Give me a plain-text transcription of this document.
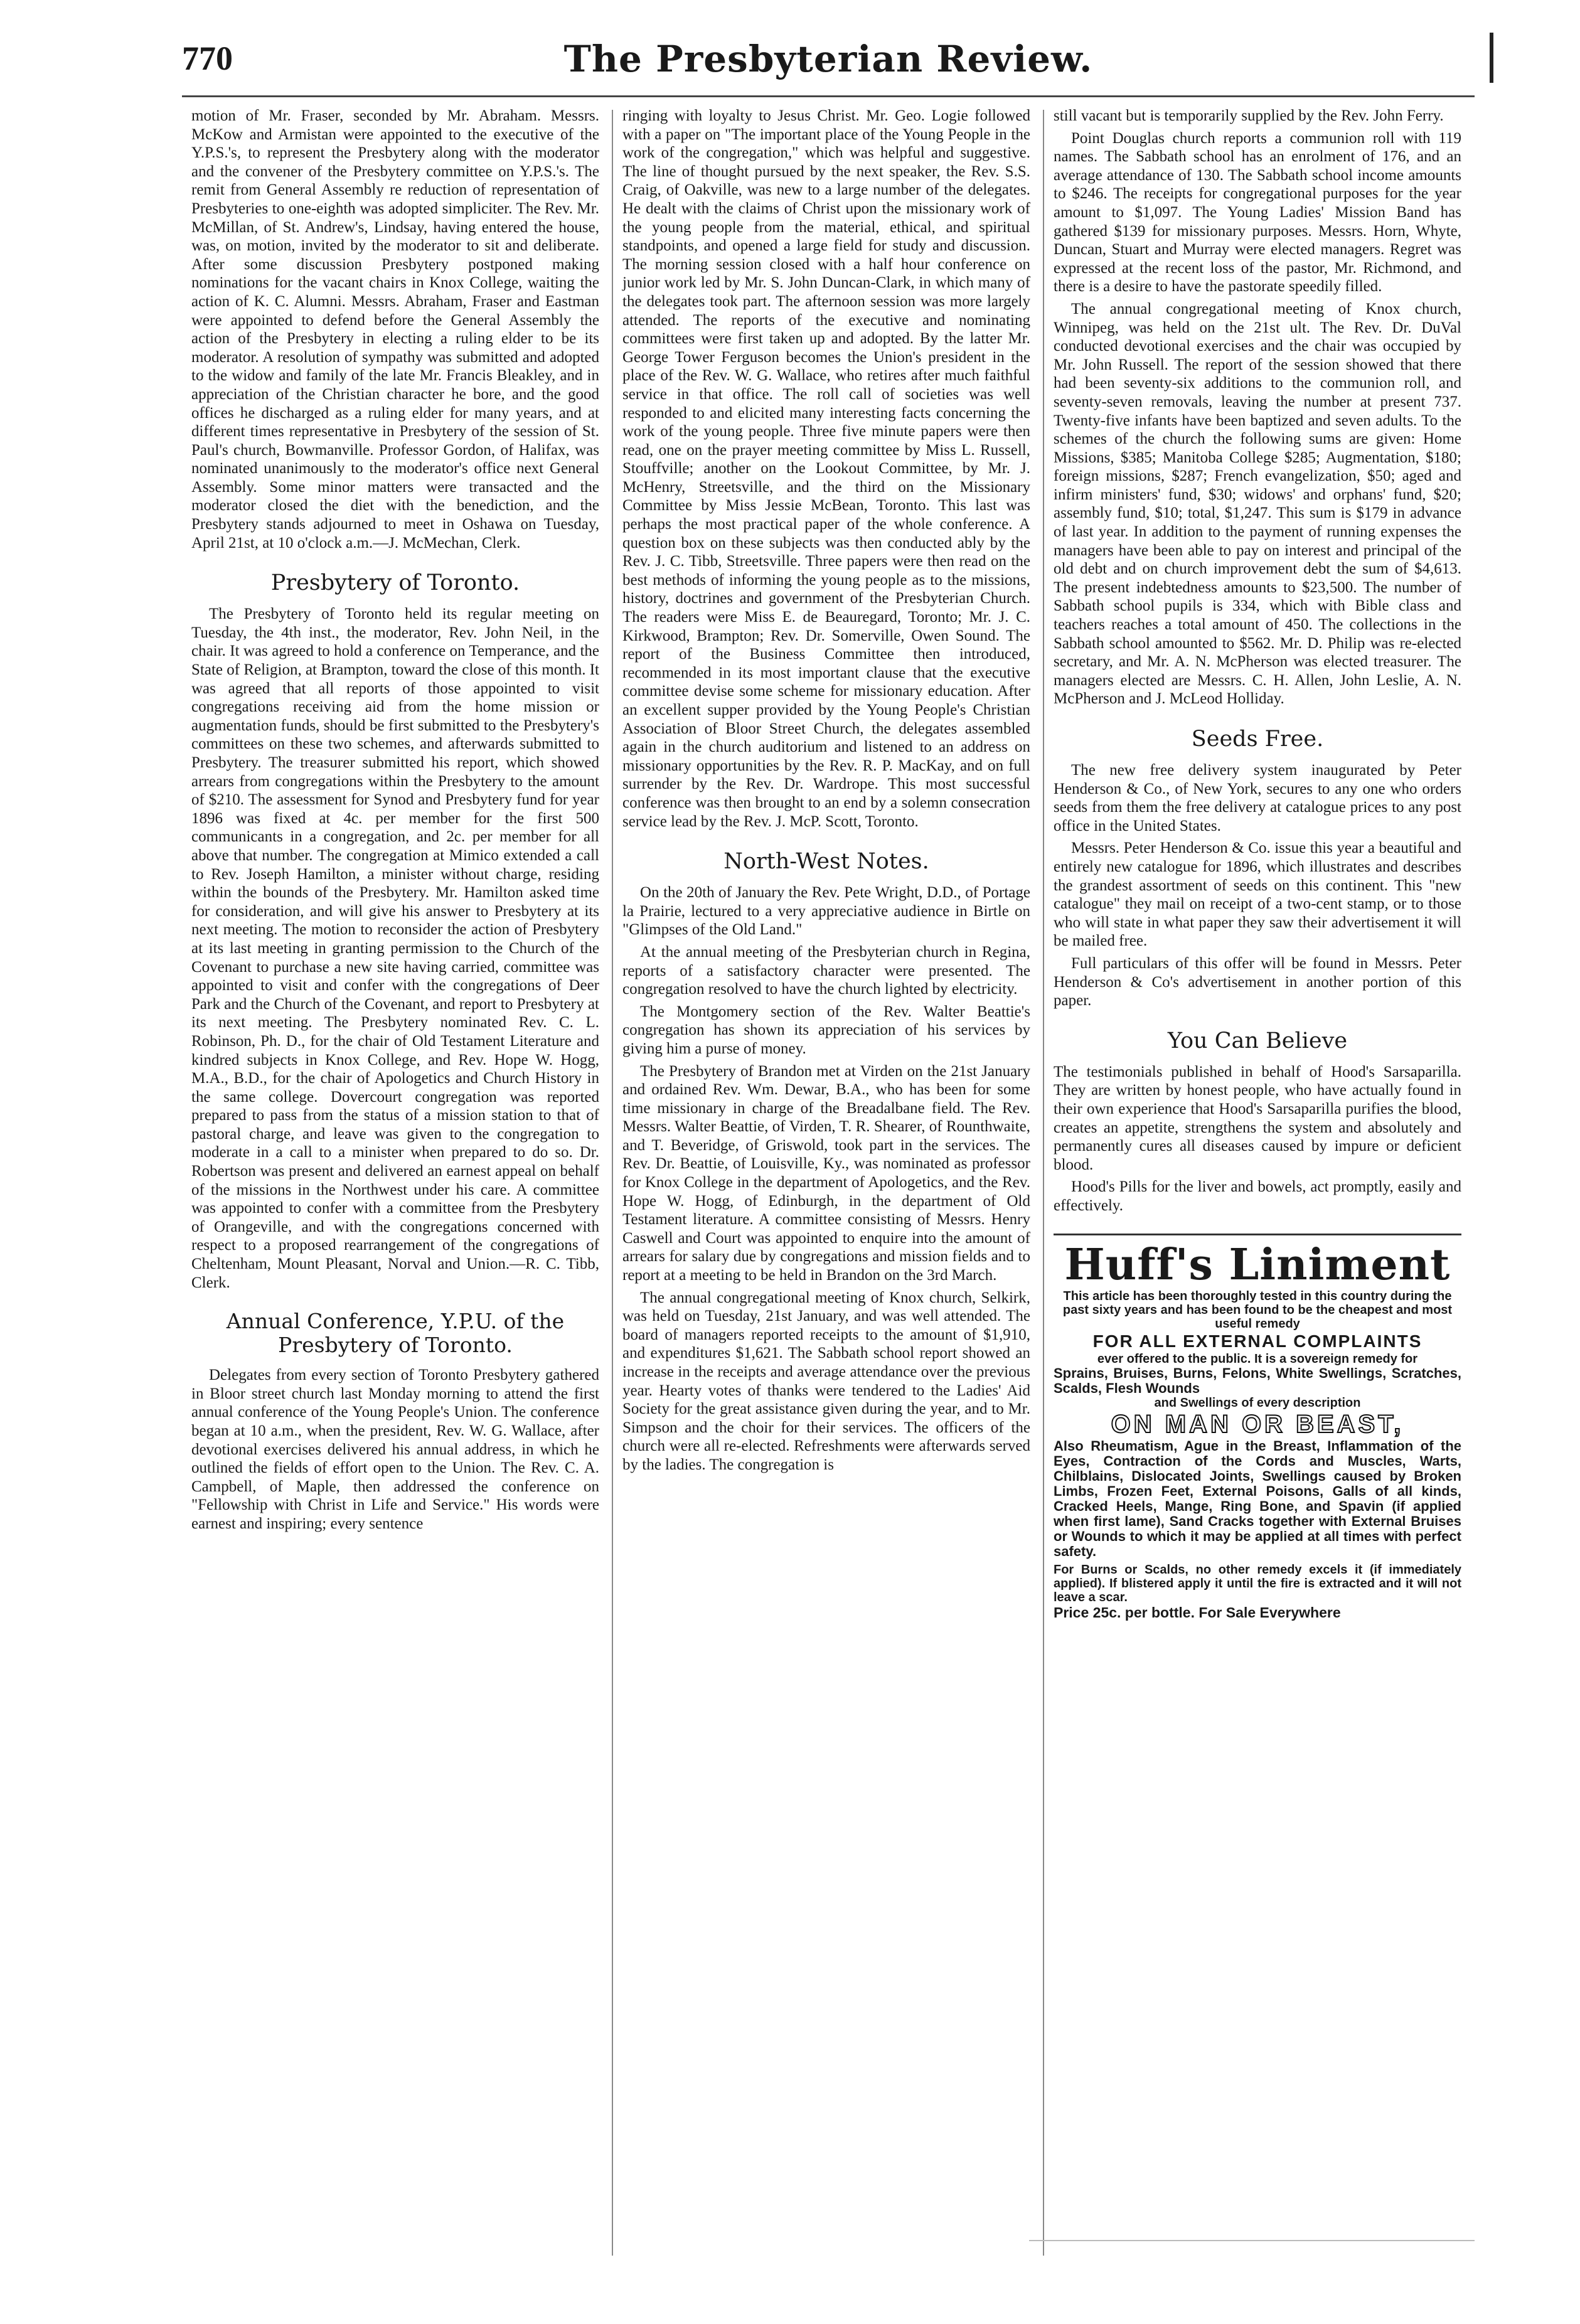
770	The Presbyterian Review.

motion of Mr. Fraser, seconded by Mr. Abraham. Messrs. McKow and Armistan were appointed to the executive of the Y.P.S.'s, to represent the Presbytery along with the moderator and the convener of the Presbytery committee on Y.P.S.'s. The remit from General Assembly re reduction of representation of Presbyteries to one-eighth was adopted simpliciter. The Rev. Mr. McMillan, of St. Andrew's, Lindsay, having entered the house, was, on motion, invited by the moderator to sit and deliberate. After some discussion Presbytery postponed making nominations for the vacant chairs in Knox College, waiting the action of K. C. Alumni. Messrs. Abraham, Fraser and Eastman were appointed to defend before the General Assembly the action of the Presbytery in electing a ruling elder to be its moderator. A resolution of sympathy was submitted and adopted to the widow and family of the late Mr. Francis Bleakley, and in appreciation of the Christian character he bore, and the good offices he discharged as a ruling elder for many years, and at different times representative in Presbytery of the session of St. Paul's church, Bowmanville. Professor Gordon, of Halifax, was nominated unanimously to the moderator's office next General Assembly. Some minor matters were transacted and the moderator closed the diet with the benediction, and the Presbytery stands adjourned to meet in Oshawa on Tuesday, April 21st, at 10 o'clock a.m.—J. McMechan, Clerk.

Presbytery of Toronto.

The Presbytery of Toronto held its regular meeting on Tuesday, the 4th inst., the moderator, Rev. John Neil, in the chair. It was agreed to hold a conference on Temperance, and the State of Religion, at Brampton, toward the close of this month. It was agreed that all reports of those appointed to visit congregations receiving aid from the home mission or augmentation funds, should be first submitted to the Presbytery's committees on these two schemes, and afterwards submitted to Presbytery. The treasurer submitted his report, which showed arrears from congregations within the Presbytery to the amount of $210. The assessment for Synod and Presbytery fund for year 1896 was fixed at 4c. per member for the first 500 communicants in a congregation, and 2c. per member for all above that number. The congregation at Mimico extended a call to Rev. Joseph Hamilton, a minister without charge, residing within the bounds of the Presbytery. Mr. Hamilton asked time for consideration, and will give his answer to Presbytery at its next meeting. The motion to reconsider the action of Presbytery at its last meeting in granting permission to the Church of the Covenant to purchase a new site having carried, committee was appointed to visit and confer with the congregations of Deer Park and the Church of the Covenant, and report to Presbytery at its next meeting. The Presbytery nominated Rev. C. L. Robinson, Ph. D., for the chair of Old Testament Literature and kindred subjects in Knox College, and Rev. Hope W. Hogg, M.A., B.D., for the chair of Apologetics and Church History in the same college. Dovercourt congregation was reported prepared to pass from the status of a mission station to that of pastoral charge, and leave was given to the congregation to moderate in a call to a minister when prepared to do so. Dr. Robertson was present and delivered an earnest appeal on behalf of the missions in the Northwest under his care. A committee was appointed to confer with a committee from the Presbytery of Orangeville, and with the congregations concerned with respect to a proposed rearrangement of the congregations of Cheltenham, Mount Pleasant, Norval and Union.—R. C. Tibb, Clerk.

Annual Conference, Y.P.U. of the Presbytery of Toronto.

Delegates from every section of Toronto Presbytery gathered in Bloor street church last Monday morning to attend the first annual conference of the Young People's Union. The conference began at 10 a.m., when the president, Rev. W. G. Wallace, after devotional exercises delivered his annual address, in which he outlined the fields of effort open to the Union. The Rev. C. A. Campbell, of Maple, then addressed the conference on "Fellowship with Christ in Life and Service." His words were earnest and inspiring; every sentence

ringing with loyalty to Jesus Christ. Mr. Geo. Logie followed with a paper on "The important place of the Young People in the work of the congregation," which was helpful and suggestive. The line of thought pursued by the next speaker, the Rev. S.S. Craig, of Oakville, was new to a large number of the delegates. He dealt with the claims of Christ upon the missionary work of the young people from the material, ethical, and spiritual standpoints, and opened a large field for study and discussion. The morning session closed with a half hour conference on junior work led by Mr. S. John Duncan-Clark, in which many of the delegates took part. The afternoon session was more largely attended. The reports of the executive and nominating committees were first taken up and adopted. By the latter Mr. George Tower Ferguson becomes the Union's president in the place of the Rev. W. G. Wallace, who retires after much faithful service in that office. The roll call of societies was well responded to and elicited many interesting facts concerning the work of the young people. Three five minute papers were then read, one on the prayer meeting committee by Miss L. Russell, Stouffville; another on the Lookout Committee, by Mr. J. McHenry, Streetsville, and the third on the Missionary Committee by Miss Jessie McBean, Toronto. This last was perhaps the most practical paper of the whole conference. A question box on these subjects was then conducted ably by the Rev. J. C. Tibb, Streetsville. Three papers were then read on the best methods of informing the young people as to the missions, history, doctrines and government of the Presbyterian Church. The readers were Miss E. de Beauregard, Toronto; Mr. J. C. Kirkwood, Brampton; Rev. Dr. Somerville, Owen Sound. The report of the Business Committee then introduced, recommended in its most important clause that the executive committee devise some scheme for missionary education. After an excellent supper provided by the Young People's Christian Association of Bloor Street Church, the delegates assembled again in the church auditorium and listened to an address on missionary opportunities by the Rev. R. P. MacKay, and on full surrender by the Rev. Dr. Wardrope. This most successful conference was then brought to an end by a solemn consecration service lead by the Rev. J. McP. Scott, Toronto.

North-West Notes.

On the 20th of January the Rev. Pete Wright, D.D., of Portage la Prairie, lectured to a very appreciative audience in Birtle on "Glimpses of the Old Land."

At the annual meeting of the Presbyterian church in Regina, reports of a satisfactory character were presented. The congregation resolved to have the church lighted by electricity.

The Montgomery section of the Rev. Walter Beattie's congregation has shown its appreciation of his services by giving him a purse of money.

The Presbytery of Brandon met at Virden on the 21st January and ordained Rev. Wm. Dewar, B.A., who has been for some time missionary in charge of the Breadalbane field. The Rev. Messrs. Walter Beattie, of Virden, T. R. Shearer, of Rounthwaite, and T. Beveridge, of Griswold, took part in the services. The Rev. Dr. Beattie, of Louisville, Ky., was nominated as professor for Knox College in the department of Apologetics, and the Rev. Hope W. Hogg, of Edinburgh, in the department of Old Testament literature. A committee consisting of Messrs. Henry Caswell and Court was appointed to enquire into the amount of arrears for salary due by congregations and mission fields and to report at a meeting to be held in Brandon on the 3rd March.

The annual congregational meeting of Knox church, Selkirk, was held on Tuesday, 21st January, and was well attended. The board of managers reported receipts to the amount of $1,910, and expenditures $1,621. The Sabbath school report showed an increase in the receipts and average attendance over the previous year. Hearty votes of thanks were tendered to the Ladies' Aid Society for the great assistance given during the year, and to Mr. Simpson and the choir for their services. The officers of the church were all re-elected. Refreshments were afterwards served by the ladies. The congregation is

still vacant but is temporarily supplied by the Rev. John Ferry.

Point Douglas church reports a communion roll with 119 names. The Sabbath school has an enrolment of 176, and an average attendance of 130. The Sabbath school income amounts to $246. The receipts for congregational purposes for the year amount to $1,097. The Young Ladies' Mission Band has gathered $139 for missionary purposes. Messrs. Horn, Whyte, Duncan, Stuart and Murray were elected managers. Regret was expressed at the recent loss of the pastor, Mr. Richmond, and there is a desire to have the pastorate speedily filled.

The annual congregational meeting of Knox church, Winnipeg, was held on the 21st ult. The Rev. Dr. DuVal conducted devotional exercises and the chair was occupied by Mr. John Russell. The report of the session showed that there had been seventy-six additions to the communion roll, and seventy-seven removals, leaving the number at present 737. Twenty-five infants have been baptized and seven adults. To the schemes of the church the following sums are given: Home Missions, $385; Manitoba College $285; Augmentation, $180; foreign missions, $287; French evangelization, $50; aged and infirm ministers' fund, $30; widows' and orphans' fund, $20; assembly fund, $10; total, $1,247. This sum is $179 in advance of last year. In addition to the payment of running expenses the managers have been able to pay on interest and principal of the old debt and on church improvement debt the sum of $4,613. The present indebtedness amounts to $23,500. The number of Sabbath school pupils is 334, which with Bible class and teachers reaches a total amount of 450. The collections in the Sabbath school amounted to $562. Mr. D. Philip was re-elected secretary, and Mr. A. N. McPherson was elected treasurer. The managers elected are Messrs. C. H. Allen, John Leslie, A. N. McPherson and J. McLeod Holliday.

Seeds Free.

The new free delivery system inaugurated by Peter Henderson & Co., of New York, secures to any one who orders seeds from them the free delivery at catalogue prices to any post office in the United States.

Messrs. Peter Henderson & Co. issue this year a beautiful and entirely new catalogue for 1896, which illustrates and describes the grandest assortment of seeds on this continent. This "new catalogue" they mail on receipt of a two-cent stamp, or to those who will state in what paper they saw their advertisement it will be mailed free.

Full particulars of this offer will be found in Messrs. Peter Henderson & Co's advertisement in another portion of this paper.

You Can Believe

The testimonials published in behalf of Hood's Sarsaparilla. They are written by honest people, who have actually found in their own experience that Hood's Sarsaparilla purifies the blood, creates an appetite, strengthens the system and absolutely and permanently cures all diseases caused by impure or deficient blood.

Hood's Pills for the liver and bowels, act promptly, easily and effectively.

Huff's Liniment
This article has been thoroughly tested in this country during the past sixty years and has been found to be the cheapest and most useful remedy
FOR ALL EXTERNAL COMPLAINTS
ever offered to the public. It is a sovereign remedy for
Sprains, Bruises, Burns, Felons, White Swellings, Scratches, Scalds, Flesh Wounds
and Swellings of every description
ON MAN OR BEAST,
Also Rheumatism, Ague in the Breast, Inflammation of the Eyes, Contraction of the Cords and Muscles, Warts, Chilblains, Dislocated Joints, Swellings caused by Broken Limbs, Frozen Feet, External Poisons, Galls of all kinds, Cracked Heels, Mange, Ring Bone, and Spavin (if applied when first lame), Sand Cracks together with External Bruises or Wounds to which it may be applied at all times with perfect safety.
For Burns or Scalds, no other remedy excels it (if immediately applied). If blistered apply it until the fire is extracted and it will not leave a scar.
Price 25c. per bottle. For Sale Everywhere
